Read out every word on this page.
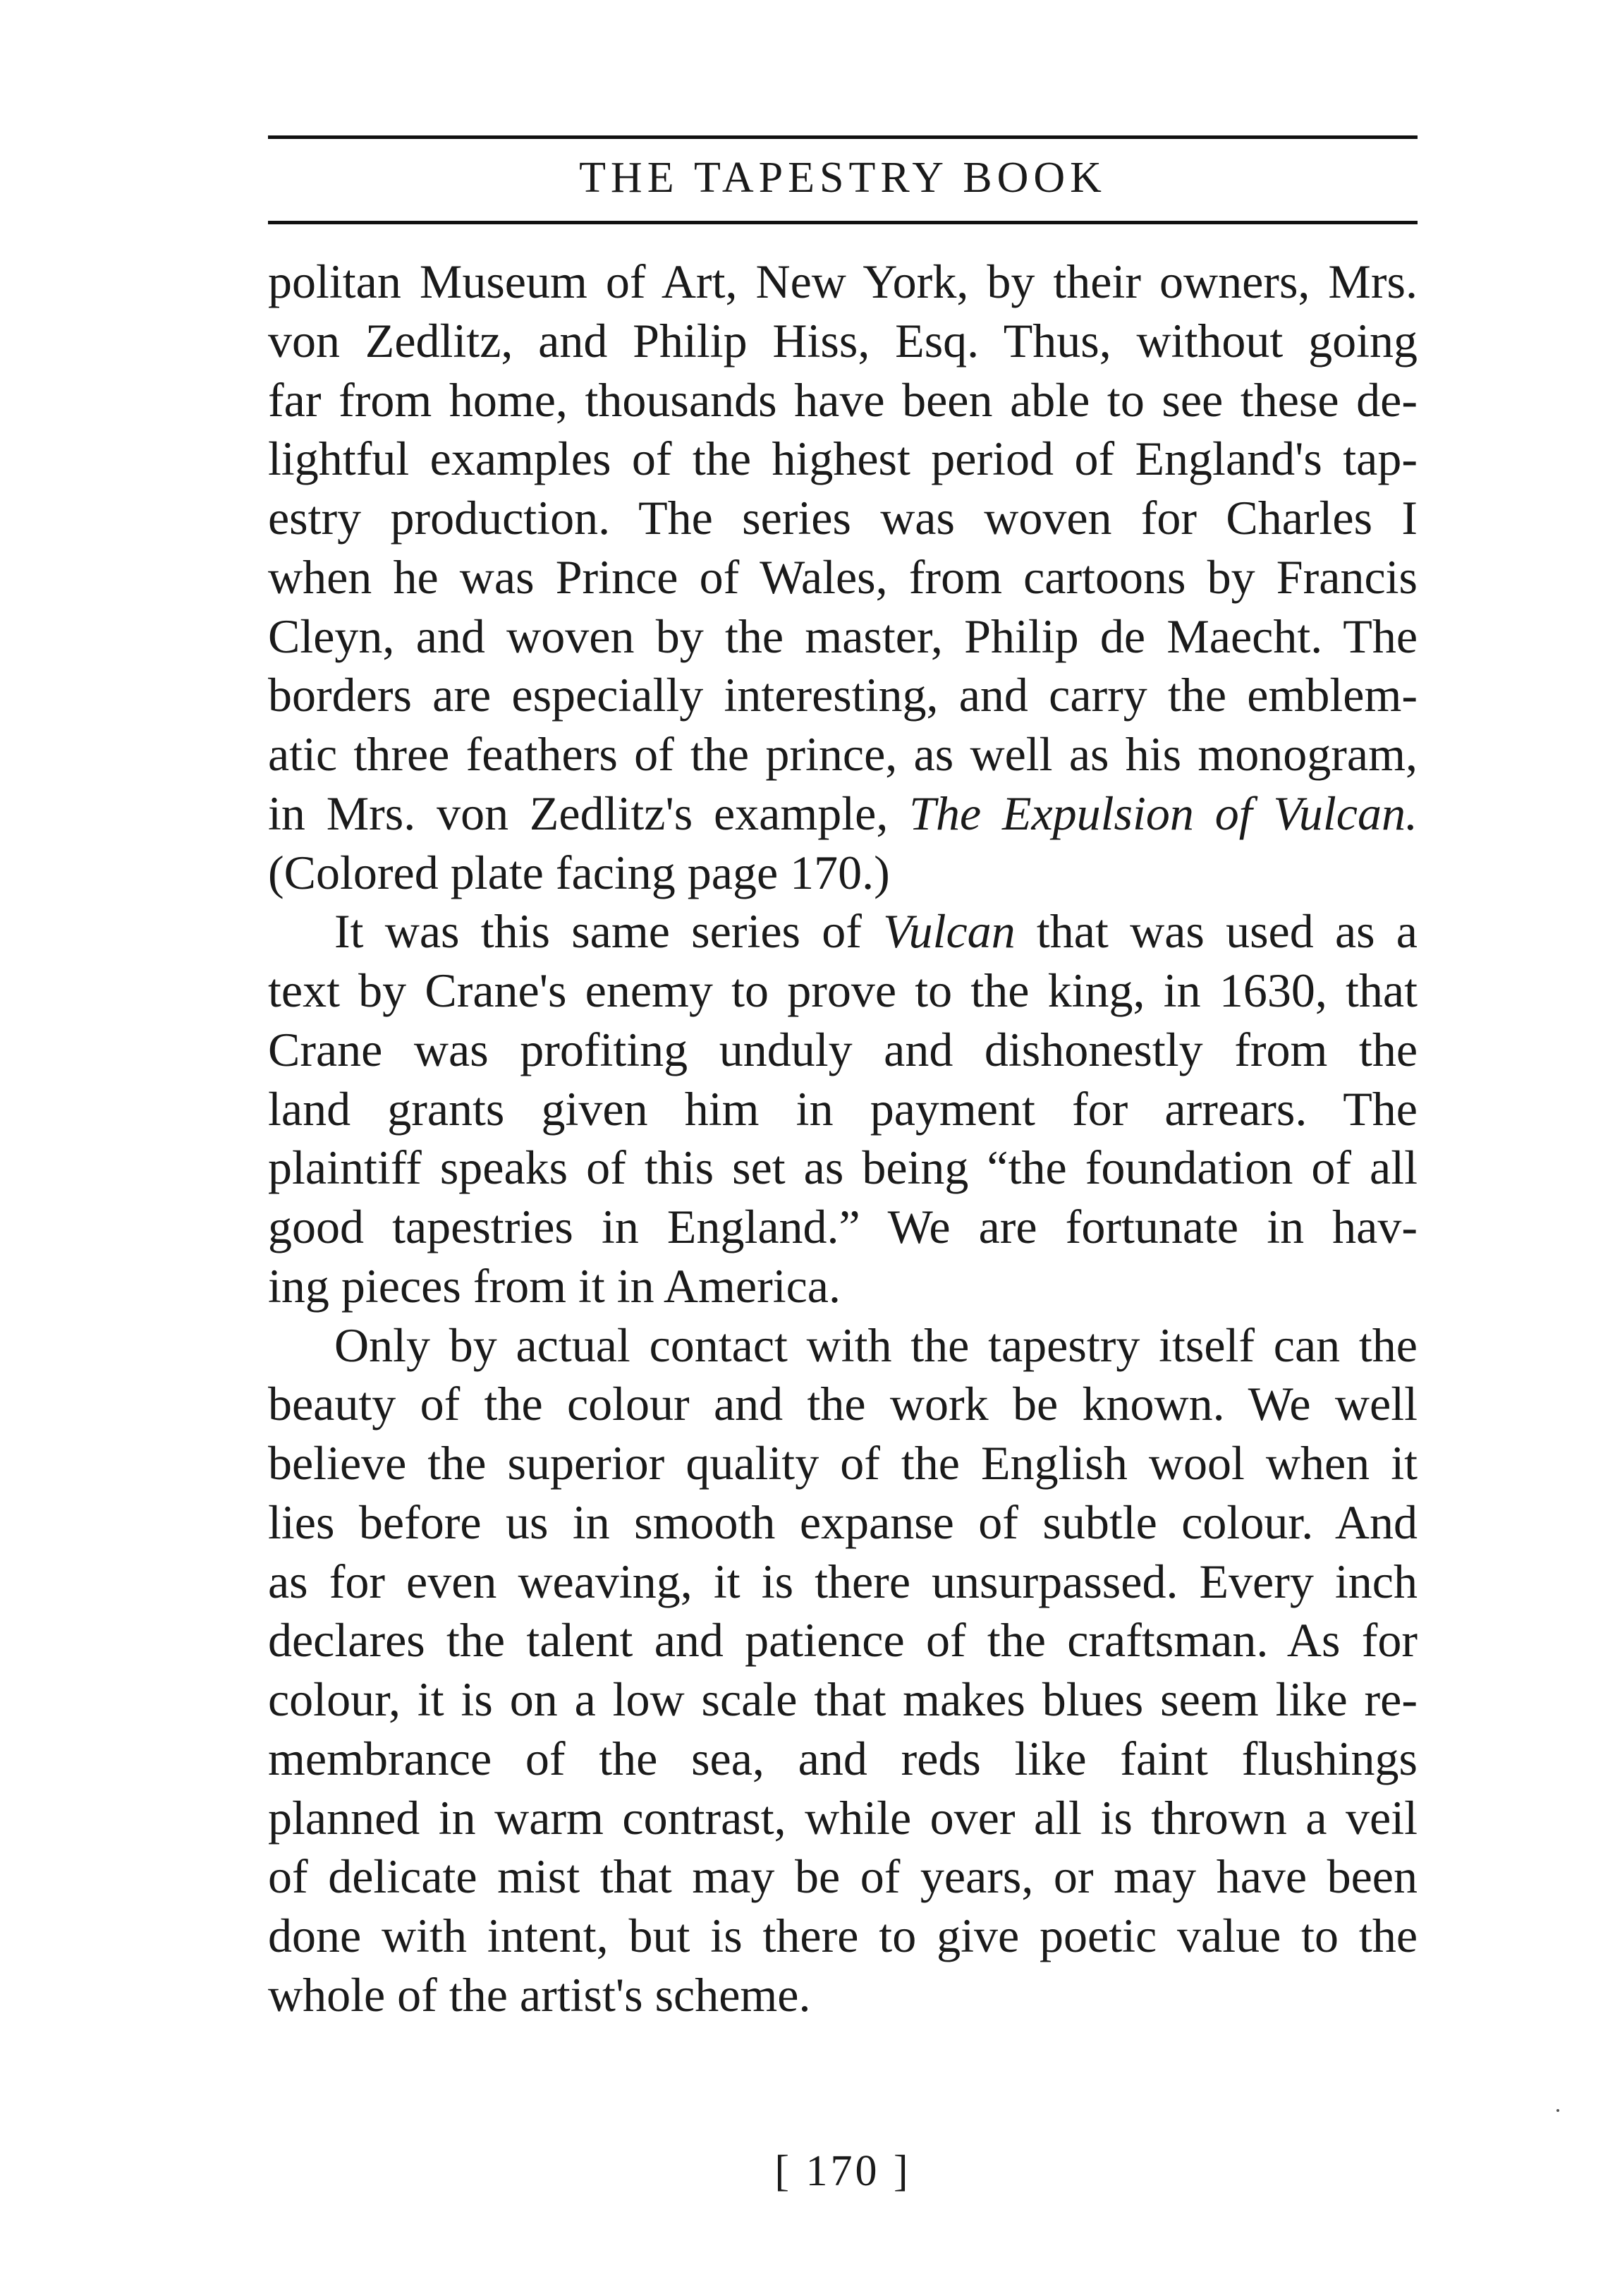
THE TAPESTRY BOOK
politan Museum of Art, New York, by their owners, Mrs.
von Zedlitz, and Philip Hiss, Esq. Thus, without going
far from home, thousands have been able to see these de-
lightful examples of the highest period of England's tap-
estry production. The series was woven for Charles I
when he was Prince of Wales, from cartoons by Francis
Cleyn, and woven by the master, Philip de Maecht. The
borders are especially interesting, and carry the emblem-
atic three feathers of the prince, as well as his monogram,
in Mrs. von Zedlitz's example, The Expulsion of Vulcan.
(Colored plate facing page 170.)
It was this same series of Vulcan that was used as a
text by Crane's enemy to prove to the king, in 1630, that
Crane was profiting unduly and dishonestly from the
land grants given him in payment for arrears. The
plaintiff speaks of this set as being “the foundation of all
good tapestries in England.” We are fortunate in hav-
ing pieces from it in America.
Only by actual contact with the tapestry itself can the
beauty of the colour and the work be known. We well
believe the superior quality of the English wool when it
lies before us in smooth expanse of subtle colour. And
as for even weaving, it is there unsurpassed. Every inch
declares the talent and patience of the craftsman. As for
colour, it is on a low scale that makes blues seem like re-
membrance of the sea, and reds like faint flushings
planned in warm contrast, while over all is thrown a veil
of delicate mist that may be of years, or may have been
done with intent, but is there to give poetic value to the
whole of the artist's scheme.
[ 170 ]
